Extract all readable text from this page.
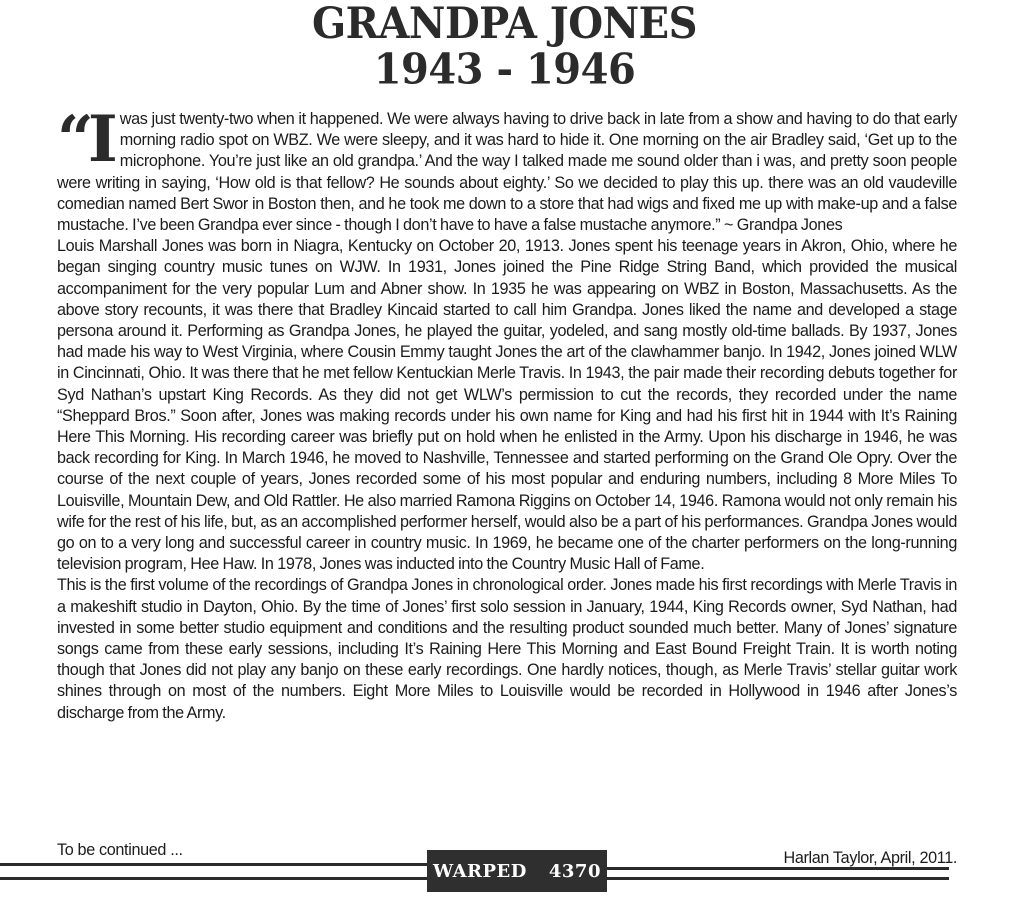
GRANDPA JONES
1943 - 1946

“Iwas just twenty-two when it happened. We were always having to drive back in late from a show and having to do that early morning radio spot on WBZ. We were sleepy, and it was hard to hide it. One morning on the air Bradley said, ‘Get up to the microphone. You’re just like an old grandpa.’ And the way I talked made me sound older than i was, and pretty soon people were writing in saying, ‘How old is that fellow? He sounds about eighty.’ So we decided to play this up. there was an old vaudeville comedian named Bert Swor in Boston then, and he took me down to a store that had wigs and fixed me up with make-up and a false mustache. I’ve been Grandpa ever since - though I don’t have to have a false mustache anymore.” ~ Grandpa Jones

Louis Marshall Jones was born in Niagra, Kentucky on October 20, 1913. Jones spent his teenage years in Akron, Ohio, where he began singing country music tunes on WJW. In 1931, Jones joined the Pine Ridge String Band, which provided the musical accompaniment for the very popular Lum and Abner show. In 1935 he was appearing on WBZ in Boston, Massachusetts. As the above story recounts, it was there that Bradley Kincaid started to call him Grandpa. Jones liked the name and developed a stage persona around it. Performing as Grandpa Jones, he played the guitar, yodeled, and sang mostly old-time ballads. By 1937, Jones had made his way to West Virginia, where Cousin Emmy taught Jones the art of the clawhammer banjo. In 1942, Jones joined WLW in Cincinnati, Ohio. It was there that he met fellow Kentuckian Merle Travis. In 1943, the pair made their recording debuts together for Syd Nathan’s upstart King Records. As they did not get WLW’s permission to cut the records, they recorded under the name “Sheppard Bros.” Soon after, Jones was making records under his own name for King and had his first hit in 1944 with It’s Raining Here This Morning. His recording career was briefly put on hold when he enlisted in the Army. Upon his discharge in 1946, he was back recording for King. In March 1946, he moved to Nashville, Tennessee and started performing on the Grand Ole Opry. Over the course of the next couple of years, Jones recorded some of his most popular and enduring numbers, including 8 More Miles To Louisville, Mountain Dew, and Old Rattler. He also married Ramona Riggins on October 14, 1946. Ramona would not only remain his wife for the rest of his life, but, as an accomplished performer herself, would also be a part of his performances. Grandpa Jones would go on to a very long and successful career in country music. In 1969, he became one of the charter performers on the long-running television program, Hee Haw. In 1978, Jones was inducted into the Country Music Hall of Fame.

This is the first volume of the recordings of Grandpa Jones in chronological order. Jones made his first recordings with Merle Travis in a makeshift studio in Dayton, Ohio. By the time of Jones’ first solo session in January, 1944, King Records owner, Syd Nathan, had invested in some better studio equipment and conditions and the resulting product sounded much better. Many of Jones’ signature songs came from these early sessions, including It’s Raining Here This Morning and East Bound Freight Train. It is worth noting though that Jones did not play any banjo on these early recordings. One hardly notices, though, as Merle Travis’ stellar guitar work shines through on most of the numbers. Eight More Miles to Louisville would be recorded in Hollywood in 1946 after Jones’s discharge from the Army.

To be continued ...	Harlan Taylor, April, 2011.
WARPED 4370
